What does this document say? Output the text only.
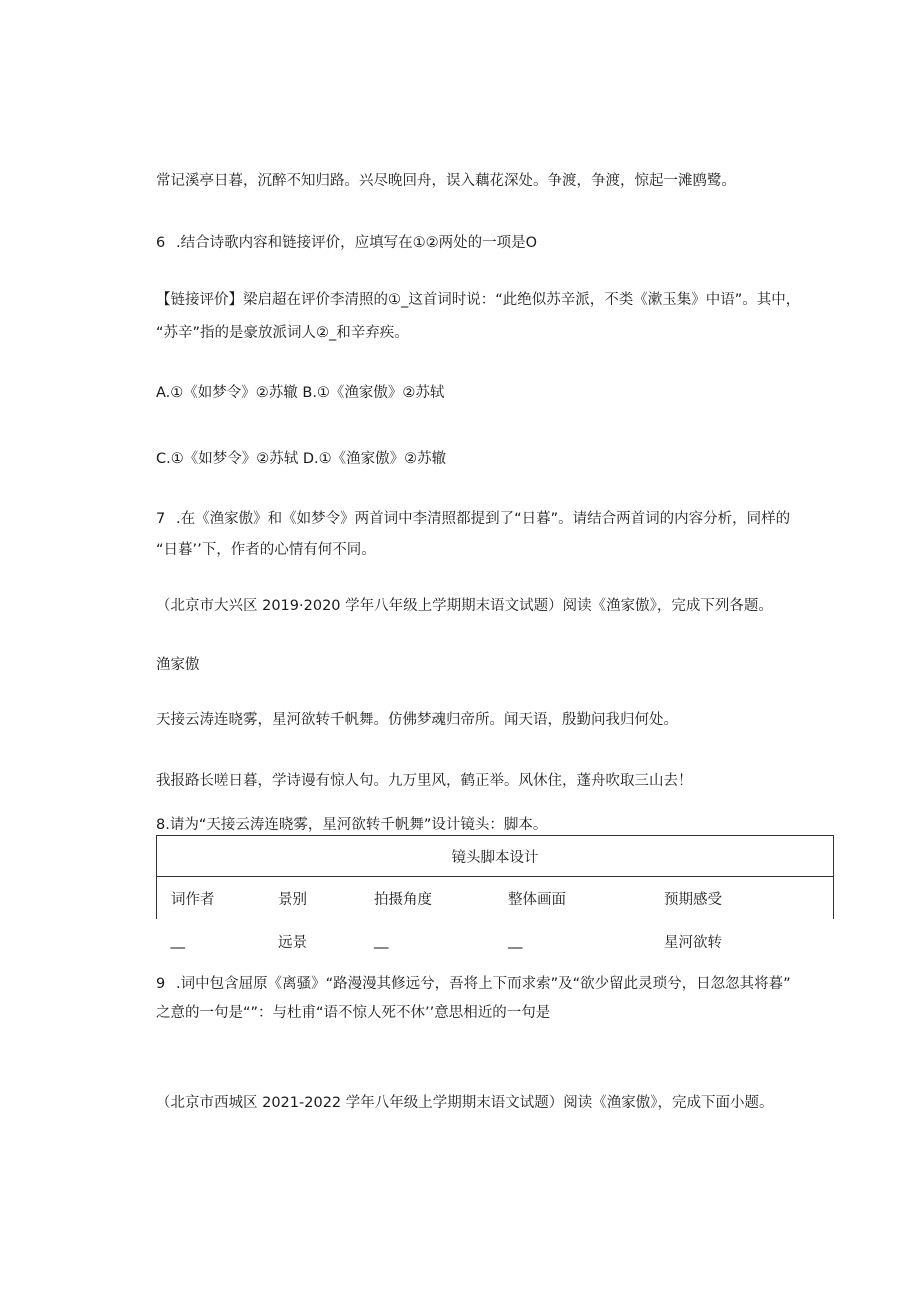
常记溪亭日暮，沉醉不知归路。兴尽晚回舟，误入藕花深处。争渡，争渡，惊起一滩鸥鹭。
6 .结合诗歌内容和链接评价，应填写在①②两处的一项是O
【链接评价】梁启超在评价李清照的①_这首词时说：“此绝似苏辛派，不类《漱玉集》中语”。其中，
“苏辛”指的是豪放派词人②_和辛弃疾。
A.①《如梦令》②苏辙 B.①《渔家傲》②苏轼
C.①《如梦令》②苏轼 D.①《渔家傲》②苏辙
7 .在《渔家傲》和《如梦令》两首词中李清照都提到了“日暮”。请结合两首词的内容分析，同样的
“日暮’’下，作者的心情有何不同。
（北京市大兴区 2019·2020 学年八年级上学期期末语文试题）阅读《渔家傲》，完成下列各题。
渔家傲
天接云涛连晓雾，星河欲转千帆舞。仿佛梦魂归帝所。闻天语，殷勤问我归何处。
我报路长嗟日暮，学诗谩有惊人句。九万里风，鹤正举。风休住，蓬舟吹取三山去！
8.请为“天接云涛连晓雾，星河欲转千帆舞”设计镜头：脚本。
镜头脚本设计				
词作者	景别	拍摄角度	整体画面	预期感受
__	远景	__	__	星河欲转
9 .词中包含屈原《离骚》“路漫漫其修远兮，吾将上下而求索”及“欲少留此灵琐兮，日忽忽其将暮”
之意的一句是“”：与杜甫“语不惊人死不休’’意思相近的一句是
（北京市西城区 2021-2022 学年八年级上学期期末语文试题）阅读《渔家傲》，完成下面小题。
